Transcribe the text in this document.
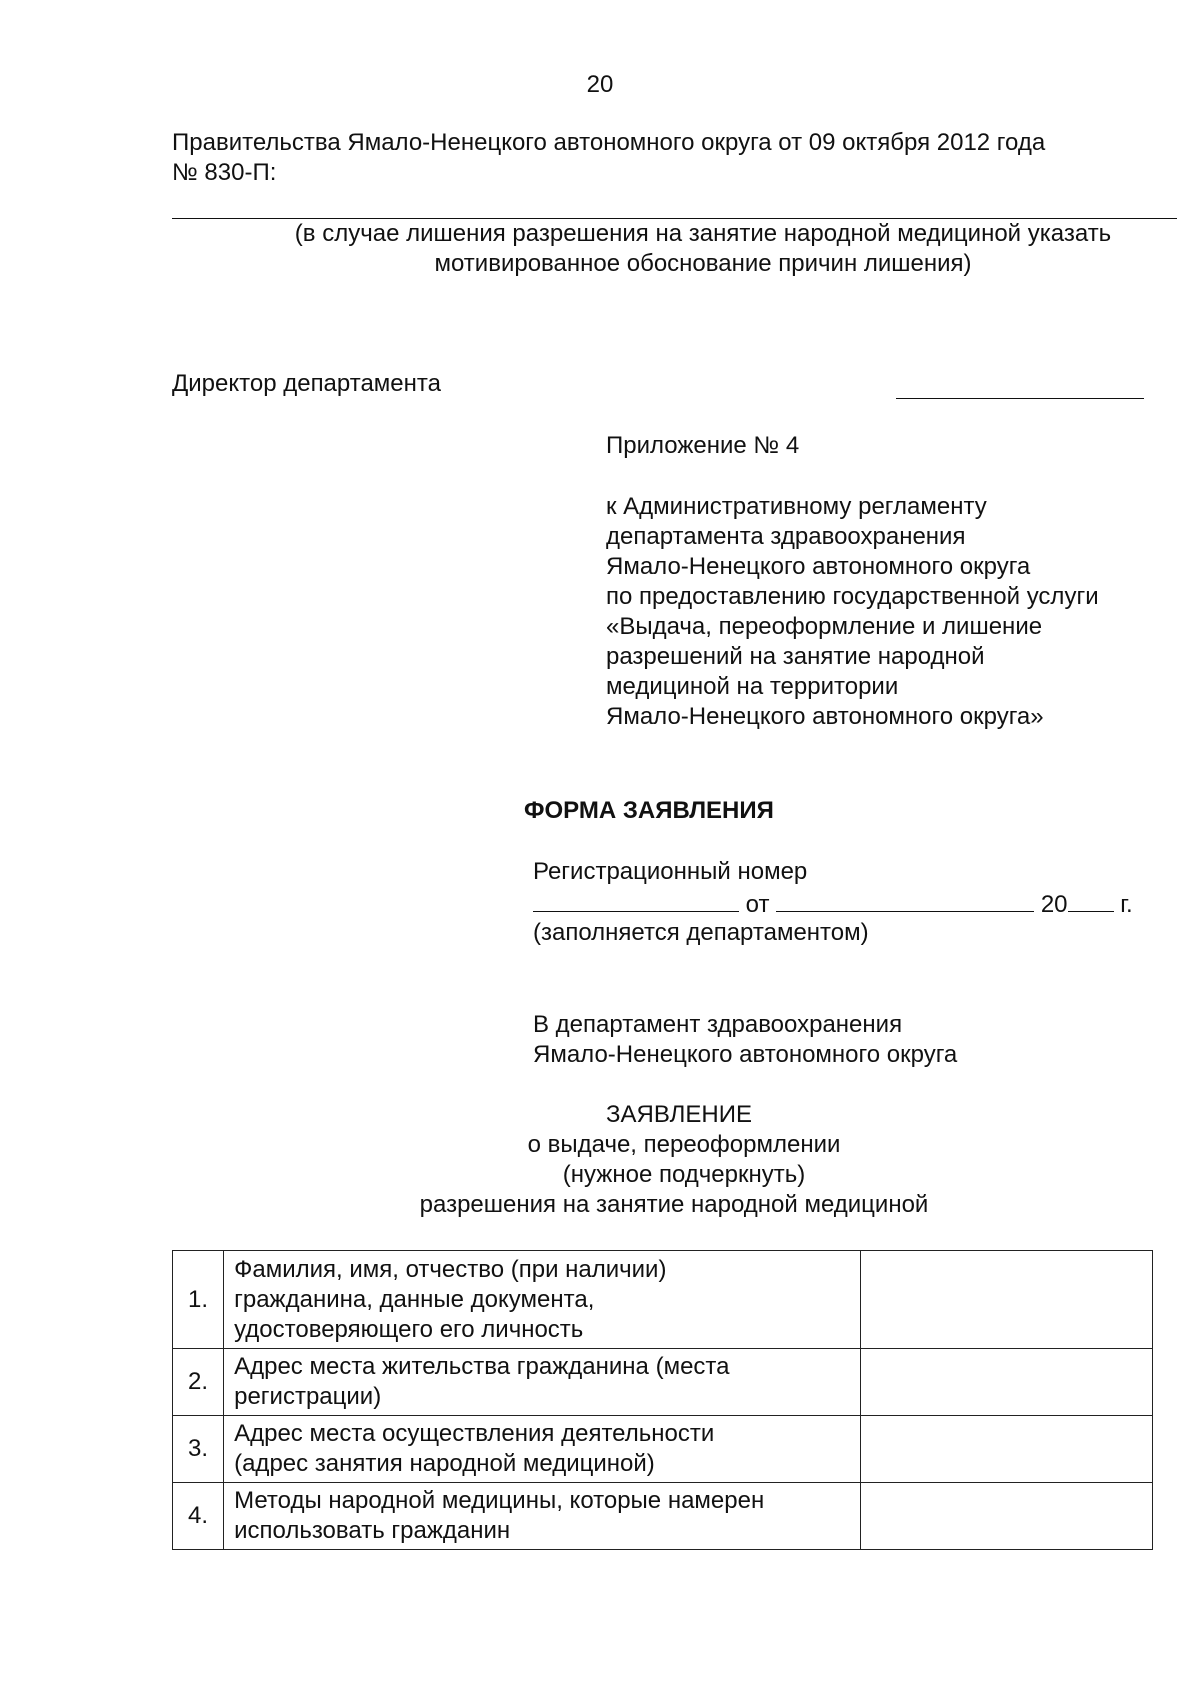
20
Правительства Ямало-Ненецкого автономного округа от 09 октября 2012 года
№ 830-П:
(в случае лишения разрешения на занятие народной медициной указать
мотивированное обоснование причин лишения)
Директор департамента
Приложение № 4
к Административному регламенту
департамента здравоохранения
Ямало-Ненецкого автономного округа
по предоставлению государственной услуги
«Выдача, переоформление и лишение
разрешений на занятие народной
медициной на территории
Ямало-Ненецкого автономного округа»
ФОРМА ЗАЯВЛЕНИЯ
Регистрационный номер
от	20 г.
(заполняется департаментом)
В департамент здравоохранения
Ямало-Ненецкого автономного округа
ЗАЯВЛЕНИЕ
о выдаче, переоформлении
(нужное подчеркнуть)
разрешения на занятие народной медициной
1.	Фамилия, имя, отчество (при наличии)
гражданина, данные документа,
удостоверяющего его личность	

2.	Адрес места жительства гражданина (места
регистрации)	

3.	Адрес места осуществления деятельности
(адрес занятия народной медициной)	

4.	Методы народной медицины, которые намерен
использовать гражданин	
